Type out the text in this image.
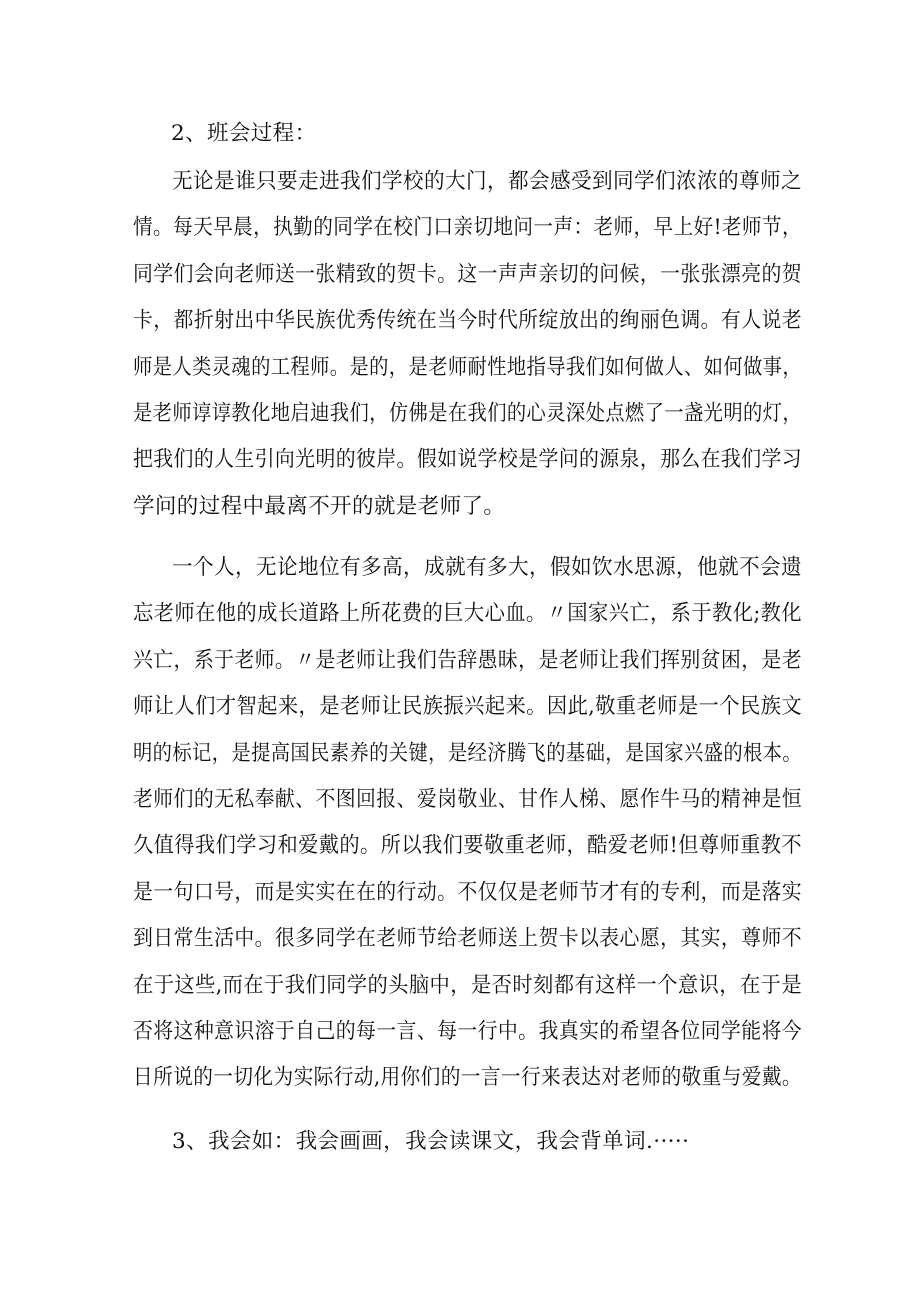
2、班会过程：
无论是谁只要走进我们学校的大门，都会感受到同学们浓浓的尊师之
情。每天早晨，执勤的同学在校门口亲切地问一声：老师，早上好!老师节，
同学们会向老师送一张精致的贺卡。这一声声亲切的问候，一张张漂亮的贺
卡，都折射出中华民族优秀传统在当今时代所绽放出的绚丽色调。有人说老
师是人类灵魂的工程师。是的，是老师耐性地指导我们如何做人、如何做事，
是老师谆谆教化地启迪我们，仿佛是在我们的心灵深处点燃了一盏光明的灯，
把我们的人生引向光明的彼岸。假如说学校是学问的源泉，那么在我们学习
学问的过程中最离不开的就是老师了。
一个人，无论地位有多高，成就有多大，假如饮水思源，他就不会遗
忘老师在他的成长道路上所花费的巨大心血。〃国家兴亡，系于教化;教化
兴亡，系于老师。〃是老师让我们告辞愚昧，是老师让我们挥别贫困，是老
师让人们才智起来，是老师让民族振兴起来。因此,敬重老师是一个民族文
明的标记，是提高国民素养的关键，是经济腾飞的基础，是国家兴盛的根本。
老师们的无私奉献、不图回报、爱岗敬业、甘作人梯、愿作牛马的精神是恒
久值得我们学习和爱戴的。所以我们要敬重老师，酷爱老师!但尊师重教不
是一句口号，而是实实在在的行动。不仅仅是老师节才有的专利，而是落实
到日常生活中。很多同学在老师节给老师送上贺卡以表心愿，其实，尊师不
在于这些,而在于我们同学的头脑中，是否时刻都有这样一个意识，在于是
否将这种意识溶于自己的每一言、每一行中。我真实的希望各位同学能将今
日所说的一切化为实际行动,用你们的一言一行来表达对老师的敬重与爱戴。
3、我会如：我会画画，我会读课文，我会背单词.·····
